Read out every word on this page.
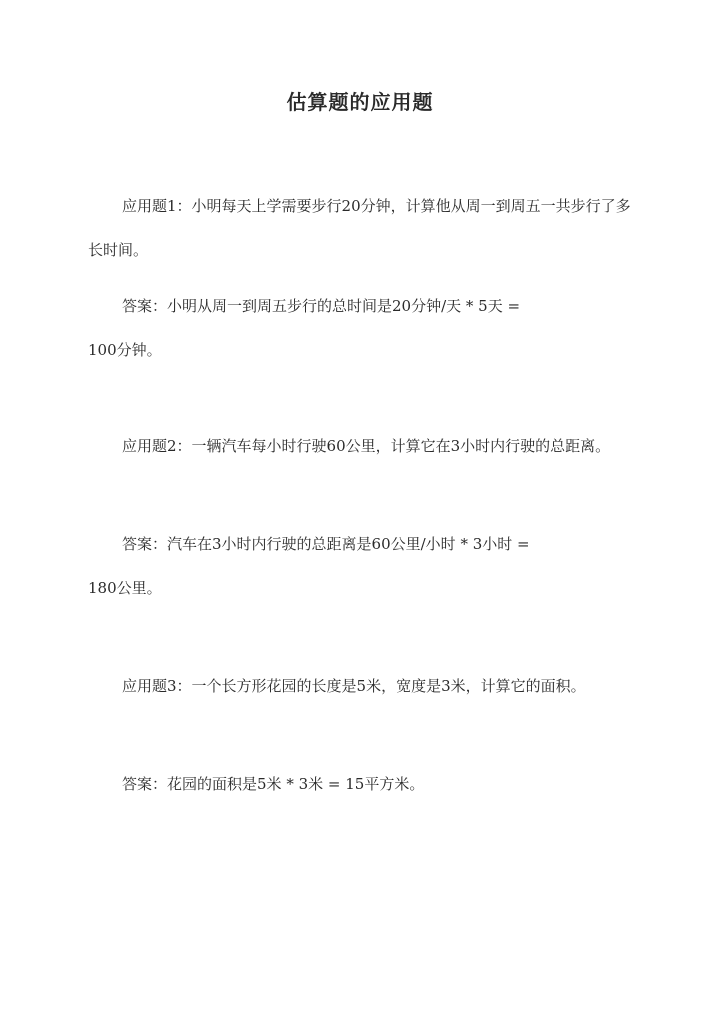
估算题的应用题

应用题1：小明每天上学需要步行20分钟，计算他从周一到周五一共步行了多长时间。

答案：小明从周一到周五步行的总时间是20分钟/天 * 5天 =
100分钟。

应用题2：一辆汽车每小时行驶60公里，计算它在3小时内行驶的总距离。

答案：汽车在3小时内行驶的总距离是60公里/小时 * 3小时 =
180公里。

应用题3：一个长方形花园的长度是5米，宽度是3米，计算它的面积。

答案：花园的面积是5米 * 3米 = 15平方米。
